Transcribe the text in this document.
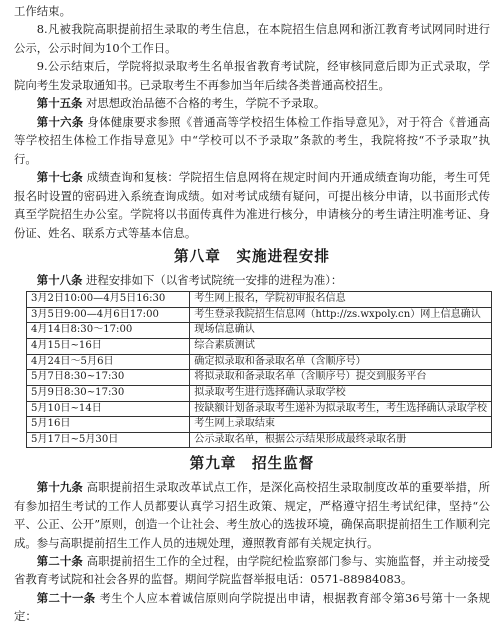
工作结束。

8.凡被我院高职提前招生录取的考生信息，在本院招生信息网和浙江教育考试网同时进行公示，公示时间为10个工作日。

9.公示结束后，学院将拟录取考生名单报省教育考试院，经审核同意后即为正式录取，学院向考生发录取通知书。已录取考生不再参加当年后续各类普通高校招生。

第十五条 对思想政治品德不合格的考生，学院不予录取。

第十六条 身体健康要求参照《普通高等学校招生体检工作指导意见》，对于符合《普通高等学校招生体检工作指导意见》中“学校可以不予录取”条款的考生，我院将按“不予录取”执行。

第十七条 成绩查询和复核：学院招生信息网将在规定时间内开通成绩查询功能，考生可凭报名时设置的密码进入系统查询成绩。如对考试成绩有疑问，可提出核分申请，以书面形式传真至学院招生办公室。学院将以书面传真件为准进行核分，申请核分的考生请注明准考证、身份证、姓名、联系方式等基本信息。

第八章　实施进程安排

第十八条 进程安排如下（以省考试院统一安排的进程为准）：

3月2日10:00—4月5日16:30	考生网上报名，学院初审报名信息
3月5日9:00—4月6日17:00	考生登录我院招生信息网（http://zs.wxpoly.cn）网上信息确认
4月14日8:30～17:00	现场信息确认
4月15日~16日	综合素质测试
4月24日～5月6日	确定拟录取和备录取名单（含顺序号）
5月7日8:30~17:30	将拟录取和备录取名单（含顺序号）提交到服务平台
5月9日8:30~17:30	拟录取考生进行选择确认录取学校
5月10日~14日	按缺额计划备录取考生递补为拟录取考生，考生选择确认录取学校
5月16日	考生网上录取结束
5月17日~5月30日	公示录取名单，根据公示结果形成最终录取名册
第九章　招生监督

第十九条 高职提前招生录取改革试点工作，是深化高校招生录取制度改革的重要举措，所有参加招生考试的工作人员都要认真学习招生政策、规定，严格遵守招生考试纪律，坚持“公平、公正、公开”原则，创造一个让社会、考生放心的选拔环境，确保高职提前招生工作顺利完成。参与高职提前招生工作人员的违规处理，遵照教育部有关规定执行。

第二十条 高职提前招生工作的全过程，由学院纪检监察部门参与、实施监督，并主动接受省教育考试院和社会各界的监督。期间学院监督举报电话：0571-88984083。

第二十一条 考生个人应本着诚信原则向学院提出申请，根据教育部令第36号第十一条规定：
